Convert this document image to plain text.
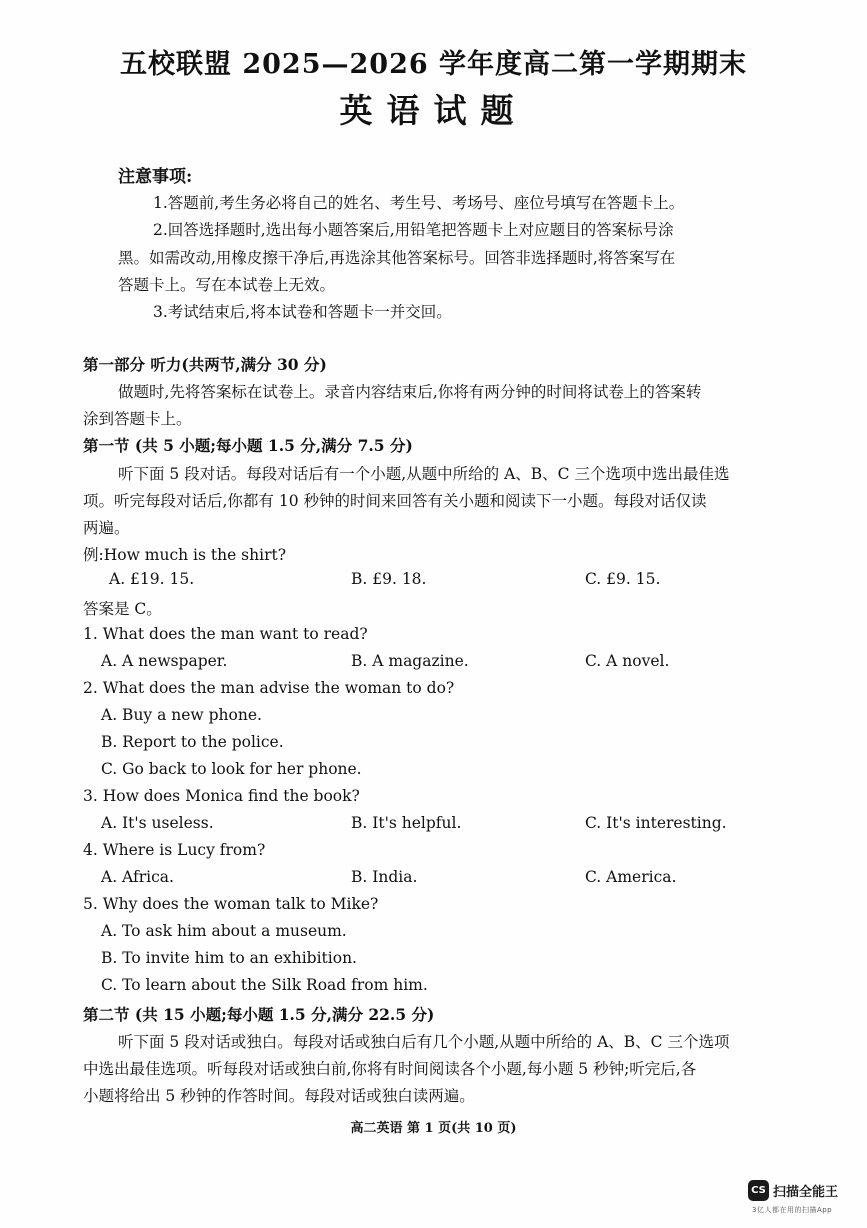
五校联盟 2025—2026 学年度高二第一学期期末
英语试题
注意事项:
1.答题前,考生务必将自己的姓名、考生号、考场号、座位号填写在答题卡上。
2.回答选择题时,选出每小题答案后,用铅笔把答题卡上对应题目的答案标号涂
黑。如需改动,用橡皮擦干净后,再选涂其他答案标号。回答非选择题时,将答案写在
答题卡上。写在本试卷上无效。
3.考试结束后,将本试卷和答题卡一并交回。
第一部分 听力(共两节,满分 30 分)
做题时,先将答案标在试卷上。录音内容结束后,你将有两分钟的时间将试卷上的答案转
涂到答题卡上。
第一节 (共 5 小题;每小题 1.5 分,满分 7.5 分)
听下面 5 段对话。每段对话后有一个小题,从题中所给的 A、B、C 三个选项中选出最佳选
项。听完每段对话后,你都有 10 秒钟的时间来回答有关小题和阅读下一小题。每段对话仅读
两遍。
例:How much is the shirt?
A. £19. 15.	B. £9. 18.	C. £9. 15.
答案是 C。
1. What does the man want to read?
A. A newspaper.	B. A magazine.	C. A novel.
2. What does the man advise the woman to do?
A. Buy a new phone.
B. Report to the police.
C. Go back to look for her phone.
3. How does Monica find the book?
A. It's useless.	B. It's helpful.	C. It's interesting.
4. Where is Lucy from?
A. Africa.	B. India.	C. America.
5. Why does the woman talk to Mike?
A. To ask him about a museum.
B. To invite him to an exhibition.
C. To learn about the Silk Road from him.
第二节 (共 15 小题;每小题 1.5 分,满分 22.5 分)
听下面 5 段对话或独白。每段对话或独白后有几个小题,从题中所给的 A、B、C 三个选项
中选出最佳选项。听每段对话或独白前,你将有时间阅读各个小题,每小题 5 秒钟;听完后,各
小题将给出 5 秒钟的作答时间。每段对话或独白读两遍。
高二英语 第 1 页(共 10 页)
CS 扫描全能王
3亿人都在用的扫描App
